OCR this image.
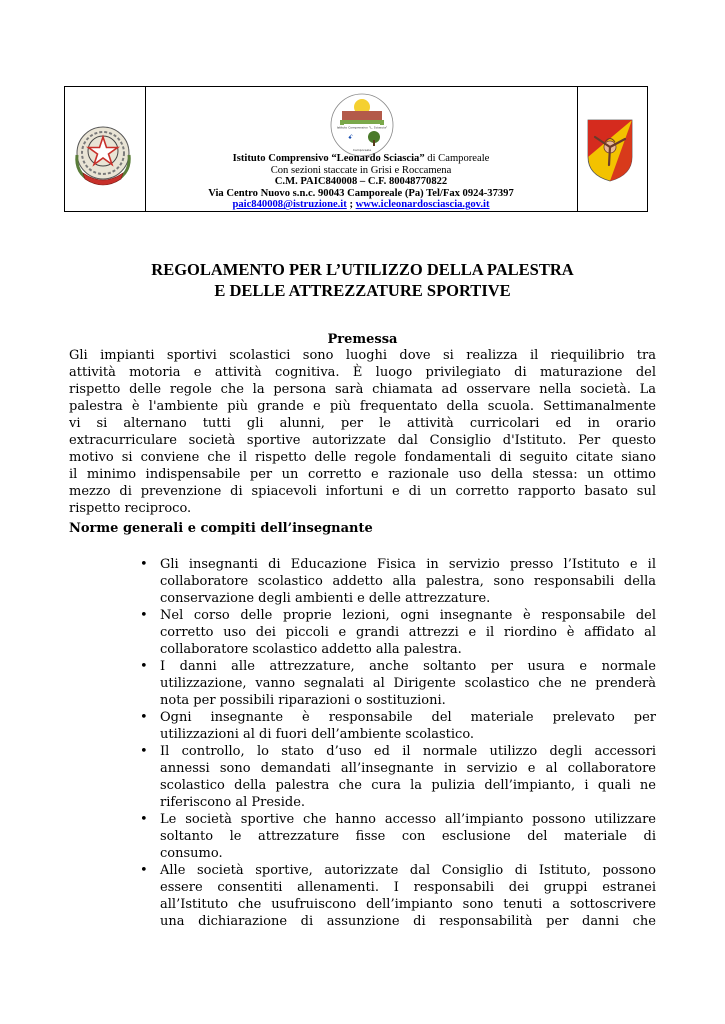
Istituto Comprensivo "L. Sciascia"
ꗃ
Camporeale
Istituto Comprensivo “Leonardo Sciascia” di Camporeale
Con sezioni staccate in Grisi e Roccamena
C.M. PAIC840008 – C.F. 80048770822
Via Centro Nuovo s.n.c. 90043 Camporeale (Pa) Tel/Fax 0924-37397
paic840008@istruzione.it ; www.icleonardosciascia.gov.it
REGOLAMENTO PER L’UTILIZZO DELLA PALESTRA
E DELLE ATTREZZATURE SPORTIVE
Premessa
Gli impianti sportivi scolastici sono luoghi dove si realizza il riequilibrio tra
attività motoria e attività cognitiva. È luogo privilegiato di maturazione del
rispetto delle regole che la persona sarà chiamata ad osservare nella società. La
palestra è l'ambiente più grande e più frequentato della scuola. Settimanalmente
vi si alternano tutti gli alunni, per le attività curricolari ed in orario
extracurriculare società sportive autorizzate dal Consiglio d'Istituto. Per questo
motivo si conviene che il rispetto delle regole fondamentali di seguito citate siano
il minimo indispensabile per un corretto e razionale uso della stessa: un ottimo
mezzo di prevenzione di spiacevoli infortuni e di un corretto rapporto basato sul
rispetto reciproco.
Norme generali e compiti dell’insegnante
• Gli insegnanti di Educazione Fisica in servizio presso l’Istituto e il
collaboratore scolastico addetto alla palestra, sono responsabili della
conservazione degli ambienti e delle attrezzature.
• Nel corso delle proprie lezioni, ogni insegnante è responsabile del
corretto uso dei piccoli e grandi attrezzi e il riordino è affidato al
collaboratore scolastico addetto alla palestra.
• I danni alle attrezzature, anche soltanto per usura e normale
utilizzazione, vanno segnalati al Dirigente scolastico che ne prenderà
nota per possibili riparazioni o sostituzioni.
• Ogni insegnante è responsabile del materiale prelevato per
utilizzazioni al di fuori dell’ambiente scolastico.
• Il controllo, lo stato d’uso ed il normale utilizzo degli accessori
annessi sono demandati all’insegnante in servizio e al collaboratore
scolastico della palestra che cura la pulizia dell’impianto, i quali ne
riferiscono al Preside.
• Le società sportive che hanno accesso all’impianto possono utilizzare
soltanto le attrezzature fisse con esclusione del materiale di
consumo.
• Alle società sportive, autorizzate dal Consiglio di Istituto, possono
essere consentiti allenamenti. I responsabili dei gruppi estranei
all’Istituto che usufruiscono dell’impianto sono tenuti a sottoscrivere
una dichiarazione di assunzione di responsabilità per danni che
